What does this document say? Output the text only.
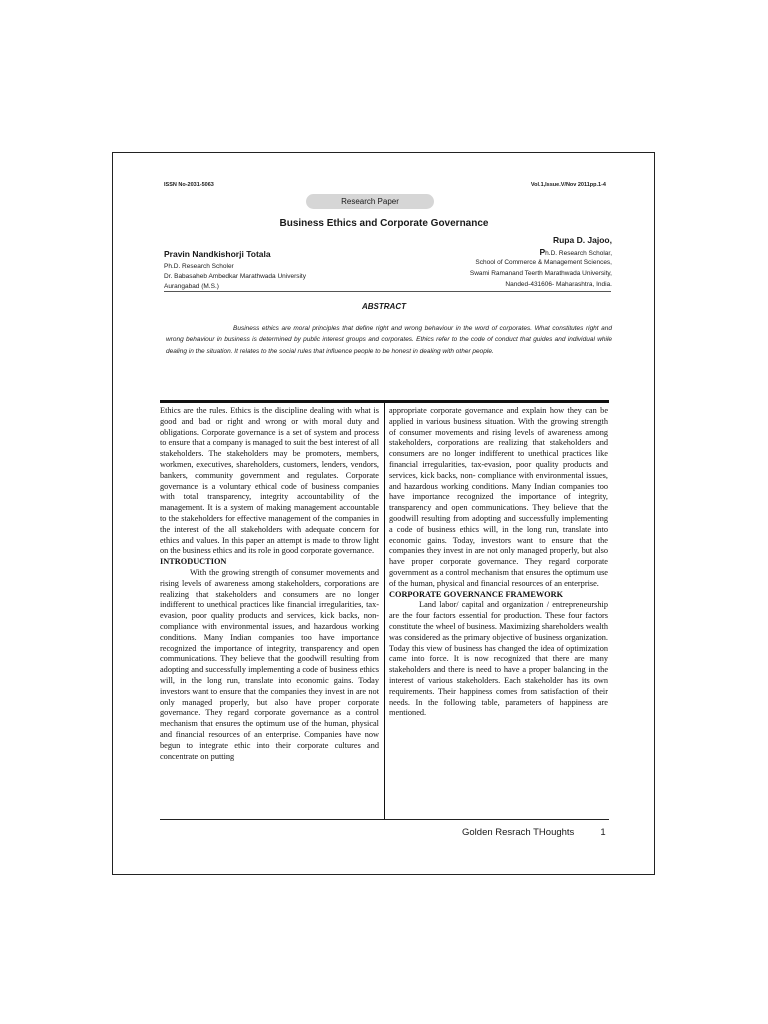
ISSN No-2031-5063	Vol.1,Issue.V/Nov 2011pp.1-4
Research Paper
Business Ethics and Corporate Governance
Pravin Nandkishorji Totala
Ph.D. Research Scholer
Dr. Babasaheb Ambedkar Marathwada University
Aurangabad (M.S.)
Rupa D. Jajoo,
Ph.D. Research Scholar,
School of Commerce & Management Sciences,
Swami Ramanand Teerth Marathwada University,
Nanded-431606- Maharashtra, India.
ABSTRACT
Business ethics are moral principles that define right and wrong behaviour in the word of corporates. What constitutes right and wrong behaviour in business is determined by public interest groups and corporates. Ethics refer to the code of conduct that guides and individual while dealing in the situation. It relates to the social rules that influence people to be honest in dealing with other people.

Ethics are the rules. Ethics is the discipline dealing with what is good and bad or right and wrong or with moral duty and obligations. Corporate governance is a set of system and process to ensure that a company is managed to suit the best interest of all stakeholders. The stakeholders may be promoters, members, workmen, executives, shareholders, customers, lenders, vendors, bankers, community government and regulates. Corporate governance is a voluntary ethical code of business companies with total transparency, integrity accountability of the management. It is a system of making management accountable to the stakeholders for effective management of the companies in the interest of the all stakeholders with adequate concern for ethics and values. In this paper an attempt is made to throw light on the business ethics and its role in good corporate governance.

INTRODUCTION

With the growing strength of consumer movements and rising levels of awareness among stakeholders, corporations are realizing that stakeholders and consumers are no longer indifferent to unethical practices like financial irregularities, tax-evasion, poor quality products and services, kick backs, non- compliance with environmental issues, and hazardous working conditions. Many Indian companies too have importance recognized the importance of integrity, transparency and open communications. They believe that the goodwill resulting from adopting and successfully implementing a code of business ethics will, in the long run, translate into economic gains. Today investors want to ensure that the companies they invest in are not only managed properly, but also have proper corporate governance. They regard corporate governance as a control mechanism that ensures the optimum use of the human, physical and financial resources of an enterprise. Companies have now begun to integrate ethic into their corporate cultures and concentrate on putting

appropriate corporate governance and explain how they can be applied in various business situation. With the growing strength of consumer movements and rising levels of awareness among stakeholders, corporations are realizing that stakeholders and consumers are no longer indifferent to unethical practices like financial irregularities, tax-evasion, poor quality products and services, kick backs, non- compliance with environmental issues, and hazardous working conditions. Many Indian companies too have importance recognized the importance of integrity, transparency and open communications. They believe that the goodwill resulting from adopting and successfully implementing a code of business ethics will, in the long run, translate into economic gains. Today, investors want to ensure that the companies they invest in are not only managed properly, but also have proper corporate governance. They regard corporate government as a control mechanism that ensures the optimum use of the human, physical and financial resources of an enterprise.

CORPORATE GOVERNANCE FRAMEWORK

Land labor/ capital and organization / entrepreneurship are the four factors essential for production. These four factors constitute the wheel of business. Maximizing shareholders wealth was considered as the primary objective of business organization. Today this view of business has changed the idea of optimization came into force. It is now recognized that there are many stakeholders and there is need to have a proper balancing in the interest of various stakeholders. Each stakeholder has its own requirements. Their happiness comes from satisfaction of their needs. In the following table, parameters of happiness are mentioned.

Golden Resrach THoughts	1
